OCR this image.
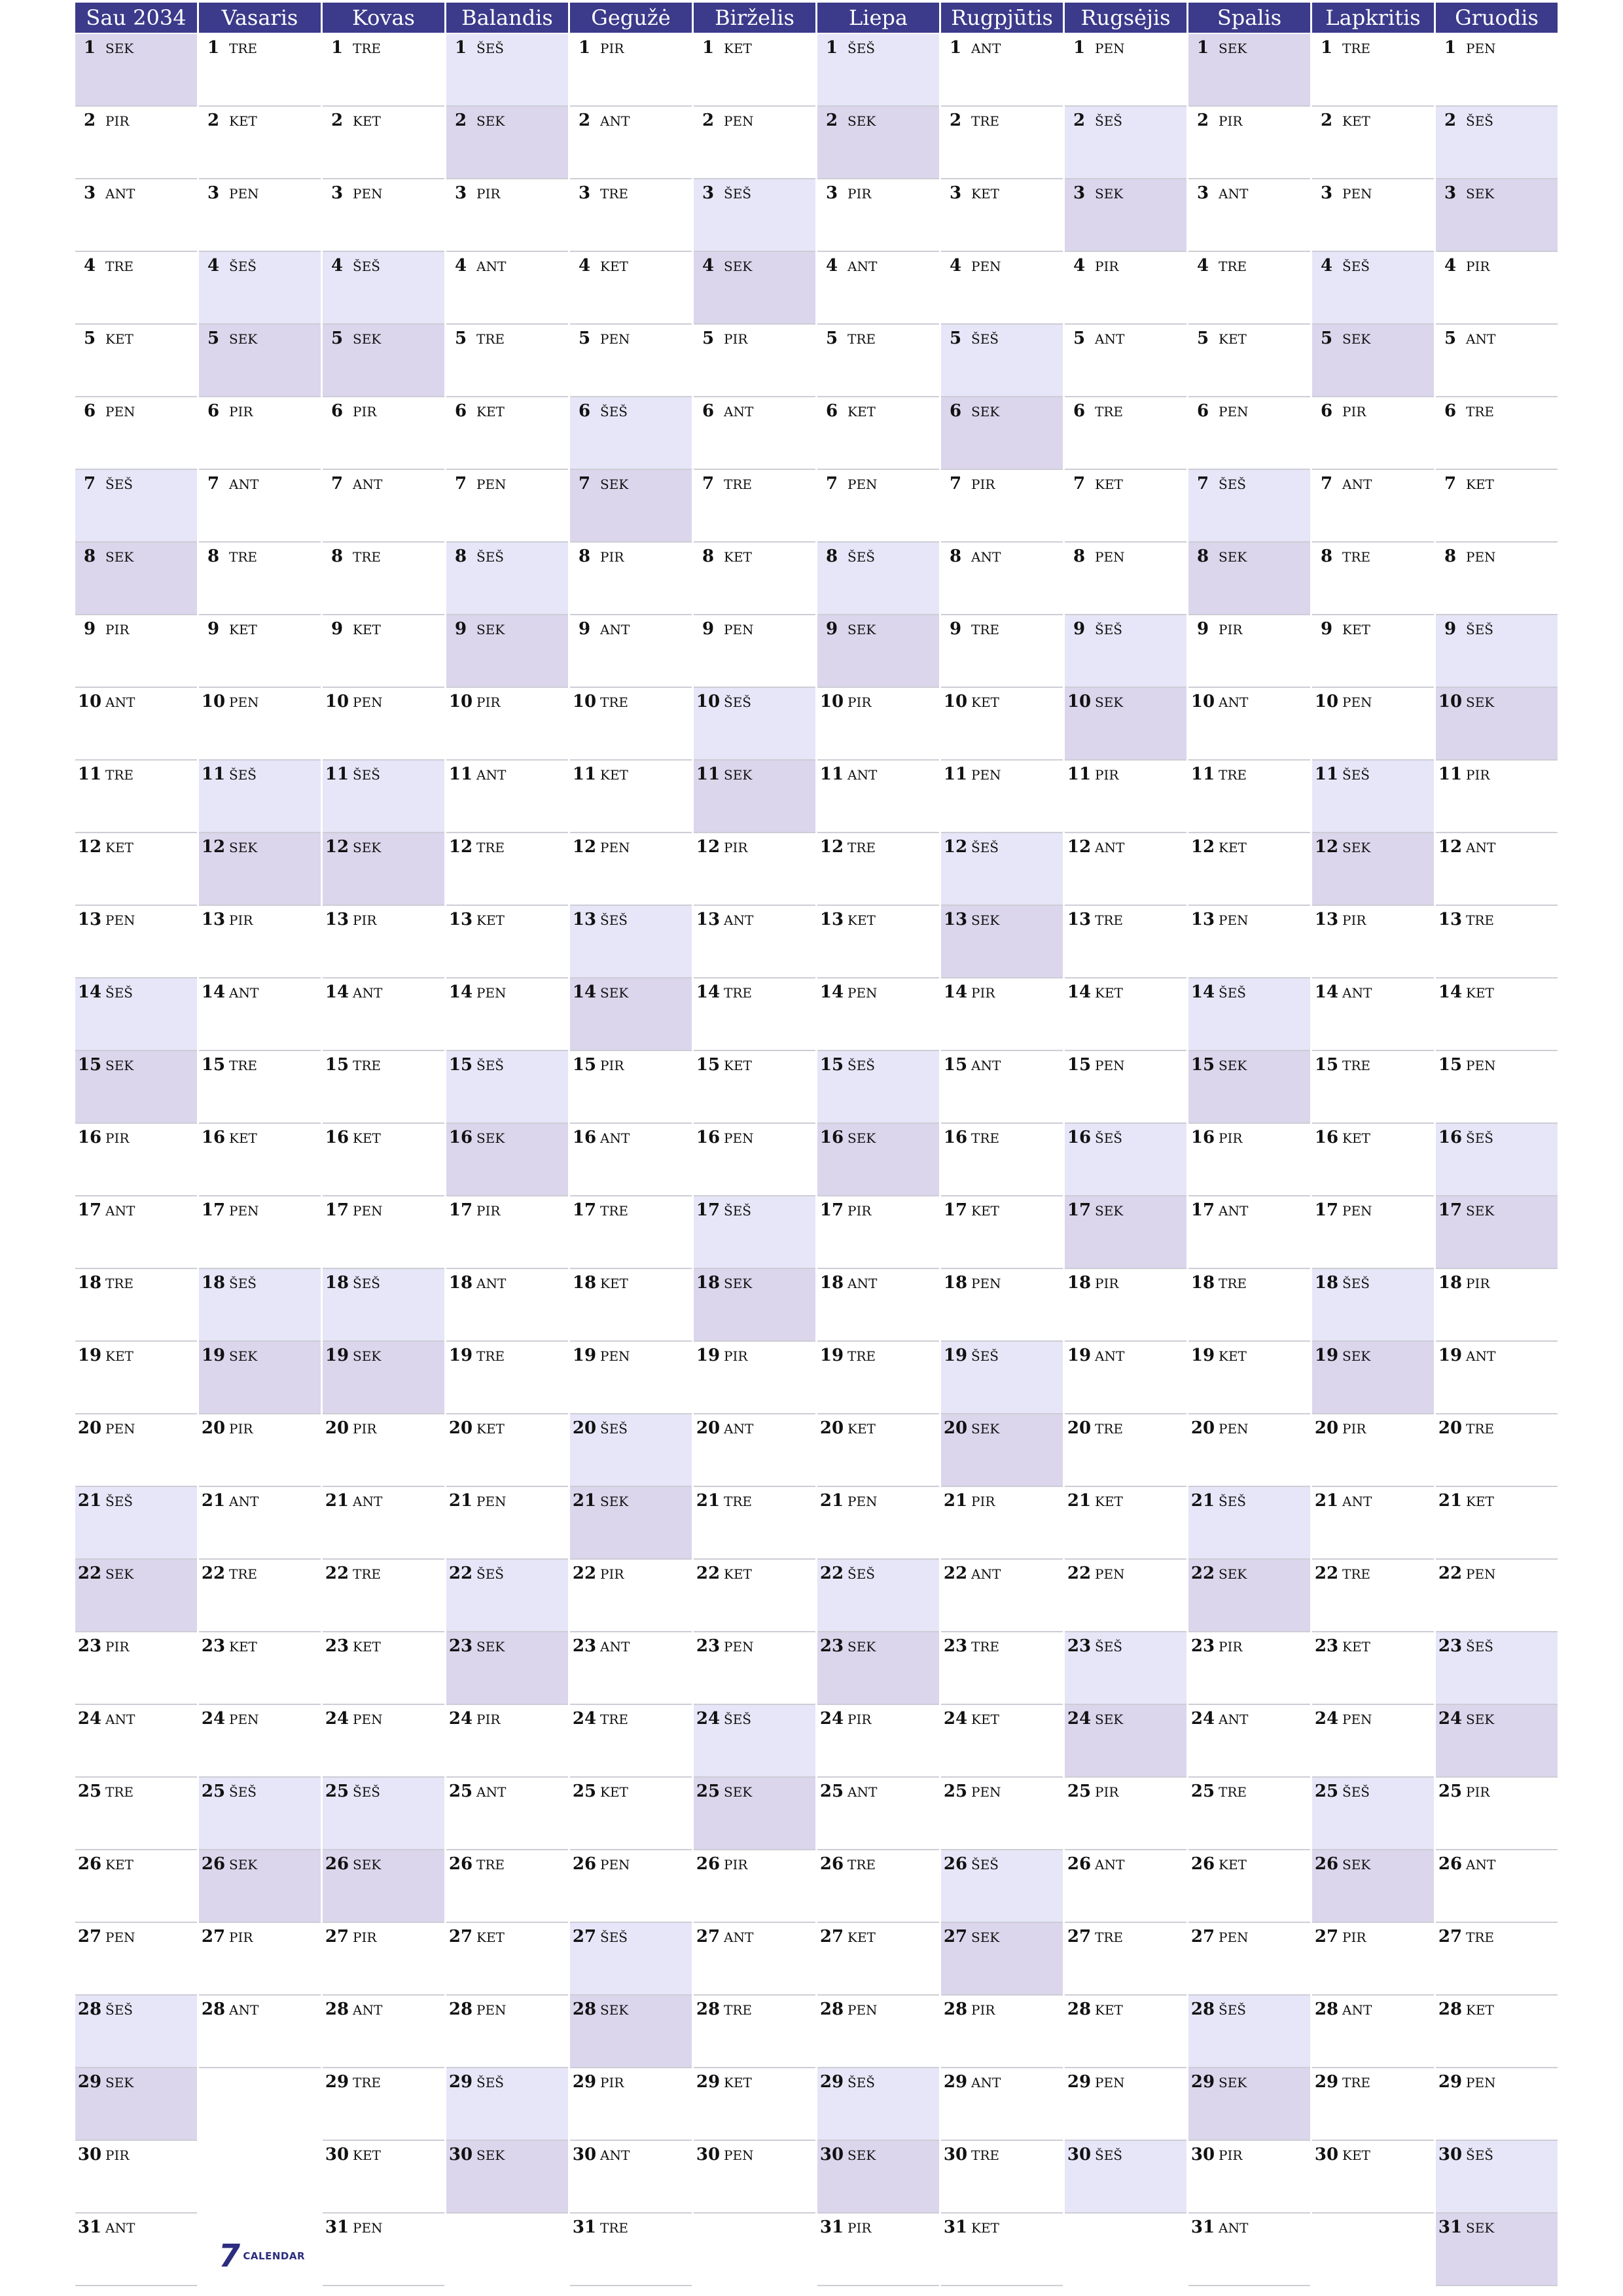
Sau 2034
1 SEK
2 PIR
3 ANT
4 TRE
5 KET
6 PEN
7 ŠEŠ
8 SEK
9 PIR
10 ANT
11 TRE
12 KET
13 PEN
14 ŠEŠ
15 SEK
16 PIR
17 ANT
18 TRE
19 KET
20 PEN
21 ŠEŠ
22 SEK
23 PIR
24 ANT
25 TRE
26 KET
27 PEN
28 ŠEŠ
29 SEK
30 PIR
31 ANT
Vasaris
1 TRE
2 KET
3 PEN
4 ŠEŠ
5 SEK
6 PIR
7 ANT
8 TRE
9 KET
10 PEN
11 ŠEŠ
12 SEK
13 PIR
14 ANT
15 TRE
16 KET
17 PEN
18 ŠEŠ
19 SEK
20 PIR
21 ANT
22 TRE
23 KET
24 PEN
25 ŠEŠ
26 SEK
27 PIR
28 ANT
Kovas
1 TRE
2 KET
3 PEN
4 ŠEŠ
5 SEK
6 PIR
7 ANT
8 TRE
9 KET
10 PEN
11 ŠEŠ
12 SEK
13 PIR
14 ANT
15 TRE
16 KET
17 PEN
18 ŠEŠ
19 SEK
20 PIR
21 ANT
22 TRE
23 KET
24 PEN
25 ŠEŠ
26 SEK
27 PIR
28 ANT
29 TRE
30 KET
31 PEN
Balandis
1 ŠEŠ
2 SEK
3 PIR
4 ANT
5 TRE
6 KET
7 PEN
8 ŠEŠ
9 SEK
10 PIR
11 ANT
12 TRE
13 KET
14 PEN
15 ŠEŠ
16 SEK
17 PIR
18 ANT
19 TRE
20 KET
21 PEN
22 ŠEŠ
23 SEK
24 PIR
25 ANT
26 TRE
27 KET
28 PEN
29 ŠEŠ
30 SEK
Gegužė
1 PIR
2 ANT
3 TRE
4 KET
5 PEN
6 ŠEŠ
7 SEK
8 PIR
9 ANT
10 TRE
11 KET
12 PEN
13 ŠEŠ
14 SEK
15 PIR
16 ANT
17 TRE
18 KET
19 PEN
20 ŠEŠ
21 SEK
22 PIR
23 ANT
24 TRE
25 KET
26 PEN
27 ŠEŠ
28 SEK
29 PIR
30 ANT
31 TRE
Birželis
1 KET
2 PEN
3 ŠEŠ
4 SEK
5 PIR
6 ANT
7 TRE
8 KET
9 PEN
10 ŠEŠ
11 SEK
12 PIR
13 ANT
14 TRE
15 KET
16 PEN
17 ŠEŠ
18 SEK
19 PIR
20 ANT
21 TRE
22 KET
23 PEN
24 ŠEŠ
25 SEK
26 PIR
27 ANT
28 TRE
29 KET
30 PEN
Liepa
1 ŠEŠ
2 SEK
3 PIR
4 ANT
5 TRE
6 KET
7 PEN
8 ŠEŠ
9 SEK
10 PIR
11 ANT
12 TRE
13 KET
14 PEN
15 ŠEŠ
16 SEK
17 PIR
18 ANT
19 TRE
20 KET
21 PEN
22 ŠEŠ
23 SEK
24 PIR
25 ANT
26 TRE
27 KET
28 PEN
29 ŠEŠ
30 SEK
31 PIR
Rugpjūtis
1 ANT
2 TRE
3 KET
4 PEN
5 ŠEŠ
6 SEK
7 PIR
8 ANT
9 TRE
10 KET
11 PEN
12 ŠEŠ
13 SEK
14 PIR
15 ANT
16 TRE
17 KET
18 PEN
19 ŠEŠ
20 SEK
21 PIR
22 ANT
23 TRE
24 KET
25 PEN
26 ŠEŠ
27 SEK
28 PIR
29 ANT
30 TRE
31 KET
Rugsėjis
1 PEN
2 ŠEŠ
3 SEK
4 PIR
5 ANT
6 TRE
7 KET
8 PEN
9 ŠEŠ
10 SEK
11 PIR
12 ANT
13 TRE
14 KET
15 PEN
16 ŠEŠ
17 SEK
18 PIR
19 ANT
20 TRE
21 KET
22 PEN
23 ŠEŠ
24 SEK
25 PIR
26 ANT
27 TRE
28 KET
29 PEN
30 ŠEŠ
Spalis
1 SEK
2 PIR
3 ANT
4 TRE
5 KET
6 PEN
7 ŠEŠ
8 SEK
9 PIR
10 ANT
11 TRE
12 KET
13 PEN
14 ŠEŠ
15 SEK
16 PIR
17 ANT
18 TRE
19 KET
20 PEN
21 ŠEŠ
22 SEK
23 PIR
24 ANT
25 TRE
26 KET
27 PEN
28 ŠEŠ
29 SEK
30 PIR
31 ANT
Lapkritis
1 TRE
2 KET
3 PEN
4 ŠEŠ
5 SEK
6 PIR
7 ANT
8 TRE
9 KET
10 PEN
11 ŠEŠ
12 SEK
13 PIR
14 ANT
15 TRE
16 KET
17 PEN
18 ŠEŠ
19 SEK
20 PIR
21 ANT
22 TRE
23 KET
24 PEN
25 ŠEŠ
26 SEK
27 PIR
28 ANT
29 TRE
30 KET
Gruodis
1 PEN
2 ŠEŠ
3 SEK
4 PIR
5 ANT
6 TRE
7 KET
8 PEN
9 ŠEŠ
10 SEK
11 PIR
12 ANT
13 TRE
14 KET
15 PEN
16 ŠEŠ
17 SEK
18 PIR
19 ANT
20 TRE
21 KET
22 PEN
23 ŠEŠ
24 SEK
25 PIR
26 ANT
27 TRE
28 KET
29 PEN
30 ŠEŠ
31 SEK
7 CALENDAR
